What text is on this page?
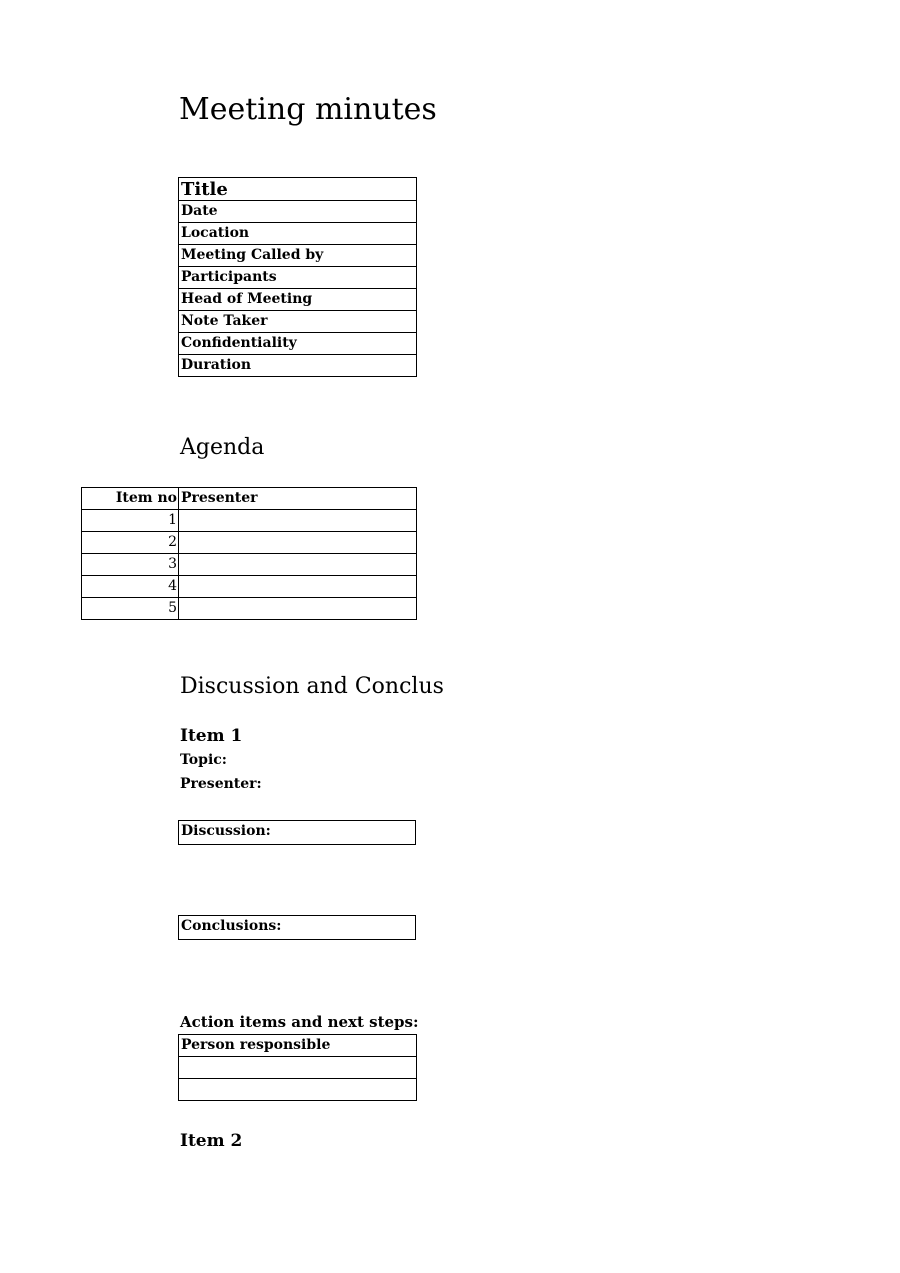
Meeting minutes
Title
Date
Location
Meeting Called by
Participants
Head of Meeting
Note Taker
Confidentiality
Duration
Agenda
Item no	Presenter
1	
2	
3	
4	
5	
Discussion and Conclus
Item 1
Topic:
Presenter:
Discussion:
Conclusions:
Action items and next steps:
Person responsible

Item 2
